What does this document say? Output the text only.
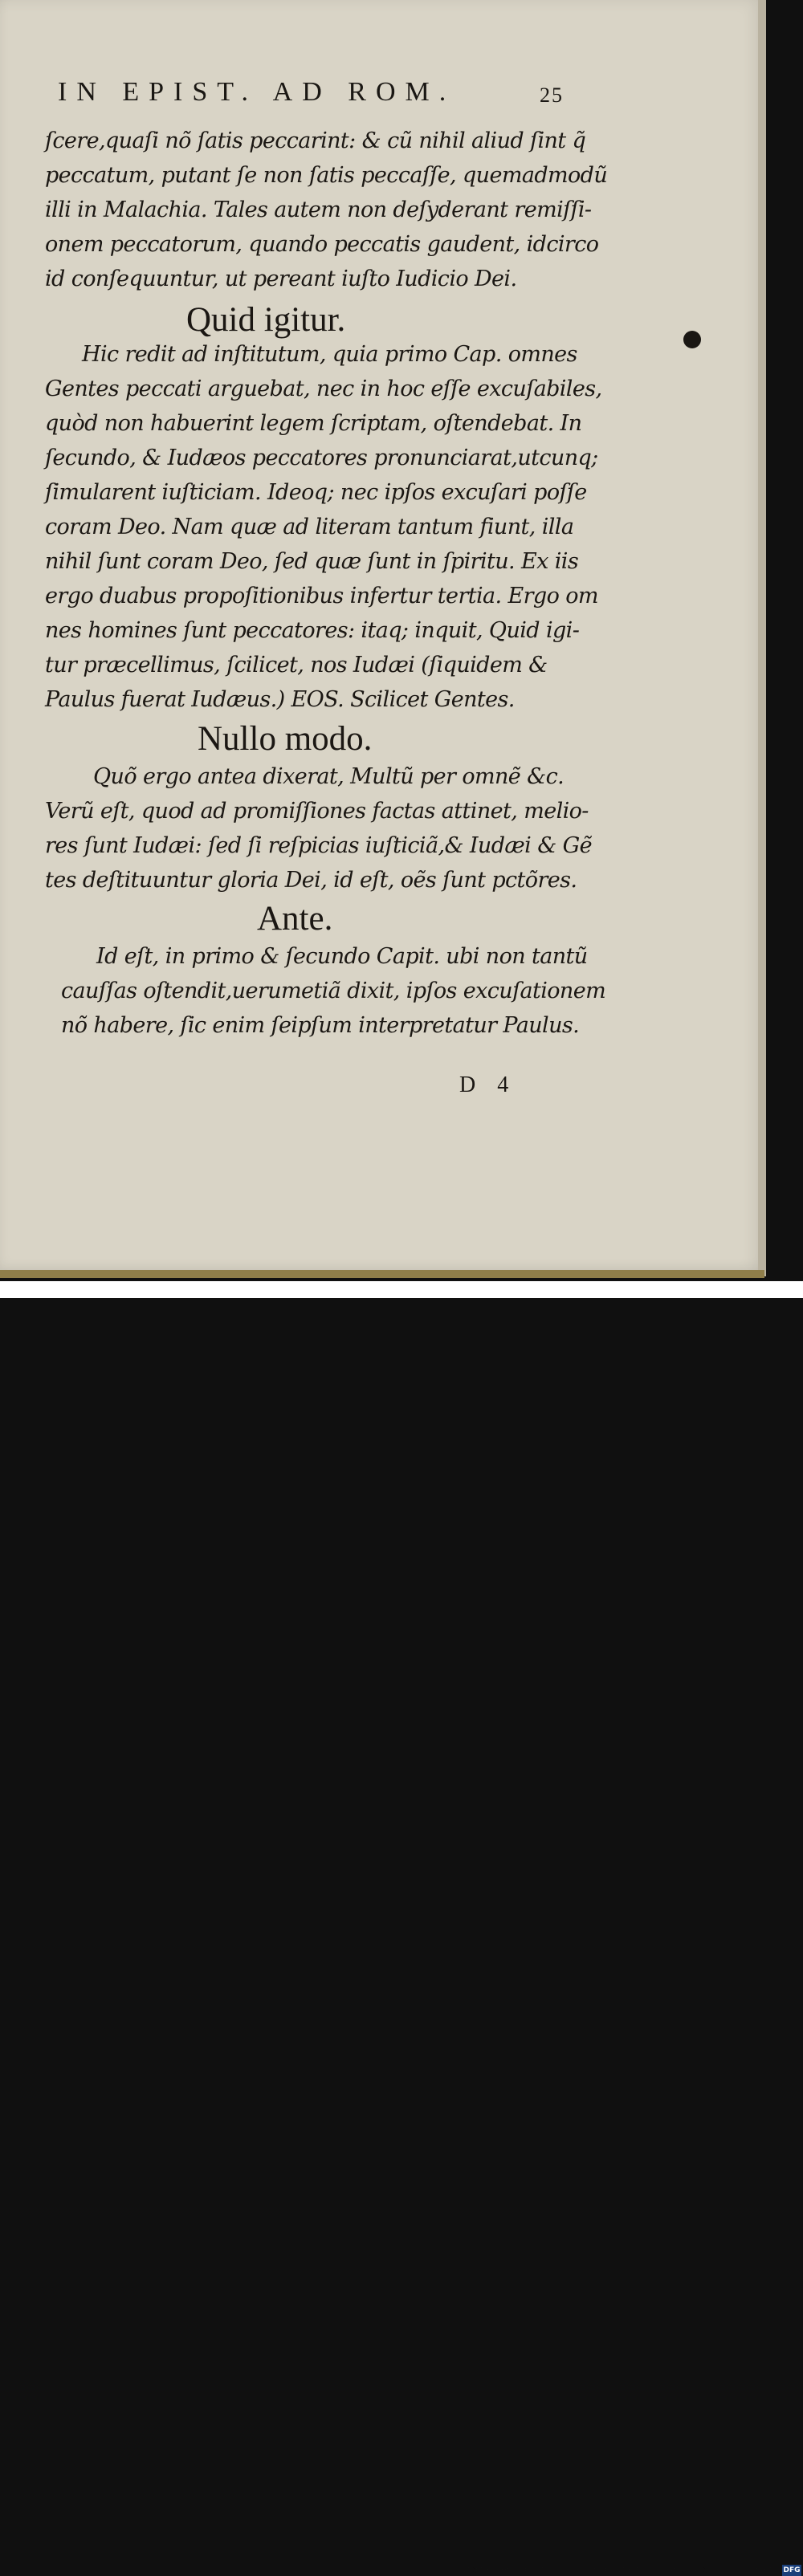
IN EPIST. AD ROM.	25
ſcere,quaſi nõ ſatis peccarint: & cũ nihil aliud ſint q̃
peccatum, putant ſe non ſatis peccaſſe, quemadmodũ
illi in Malachia. Tales autem non deſyderant remiſſi-
onem peccatorum, quando peccatis gaudent, idcirco
id conſequuntur, ut pereant iuſto Iudicio Dei.
Quid igitur.
Hic redit ad inſtitutum, quia primo Cap. omnes
Gentes peccati arguebat, nec in hoc eſſe excuſabiles,
quòd non habuerint legem ſcriptam, oſtendebat. In
ſecundo, & Iudæos peccatores pronunciarat,utcunq;
ſimularent iuſticiam. Ideoq; nec ipſos excuſari poſſe
coram Deo. Nam quæ ad literam tantum fiunt, illa
nihil ſunt coram Deo, ſed quæ ſunt in ſpiritu. Ex iis
ergo duabus propoſitionibus infertur tertia. Ergo om
nes homines ſunt peccatores: itaq; inquit, Quid igi-
tur præcellimus, ſcilicet, nos Iudæi (ſiquidem &
Paulus fuerat Iudæus.) EOS. Scilicet Gentes.
Nullo modo.
Quõ ergo antea dixerat, Multũ per omnẽ &c.
Verũ eſt, quod ad promiſſiones factas attinet, melio-
res ſunt Iudæi: ſed ſi reſpicias iuſticiã,& Iudæi & Gẽ
tes deſtituuntur gloria Dei, id eſt, oẽs ſunt pctõres.
Ante.
Id eſt, in primo & ſecundo Capit. ubi non tantũ
cauſſas oſtendit,uerumetiã dixit, ipſos excuſationem
nõ habere, ſic enim ſeipſum interpretatur Paulus.
D 4
Digitalisierung gefördert durch die Deutsche Forschungsgemeinschaft - DFG
